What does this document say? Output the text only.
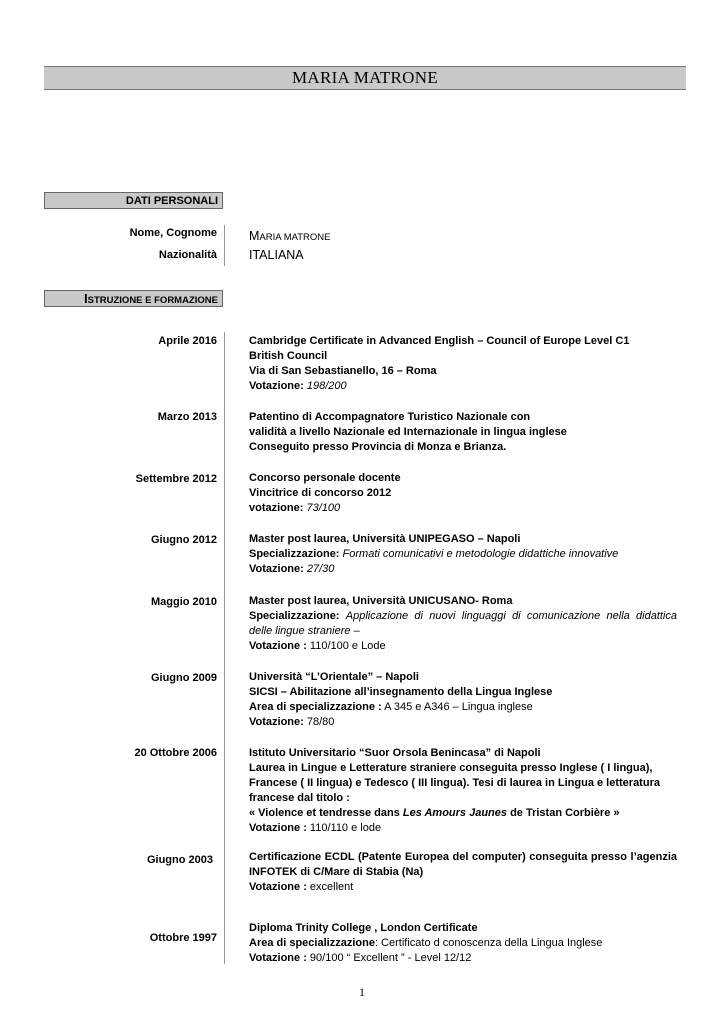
MARIA MATRONE
DATI PERSONALI
Nome, Cognome	MARIA MATRONE
Nazionalità	ITALIANA
ISTRUZIONE E FORMAZIONE
Aprile 2016	Cambridge Certificate in Advanced English – Council of Europe Level C1

British Council

Via di San Sebastianello, 16 – Roma

Votazione: 198/200

Marzo 2013	Patentino di Accompagnatore Turistico Nazionale con

validità a livello Nazionale ed Internazionale in lingua inglese

Conseguito presso Provincia di Monza e Brianza.

Settembre 2012	Concorso personale docente

Vincitrice di concorso 2012

votazione: 73/100

Giugno 2012	Master post laurea, Università UNIPEGASO – Napoli

Specializzazione: Formati comunicativi e metodologie didattiche innovative

Votazione: 27/30

Maggio 2010	Master post laurea, Università UNICUSANO- Roma

Specializzazione: Applicazione di nuovi linguaggi di comunicazione nella didattica delle lingue straniere –

Votazione : 110/100 e Lode

Giugno 2009	Università “L’Orientale” – Napoli

SICSI – Abilitazione all’insegnamento della Lingua Inglese

Area di specializzazione : A 345 e A346 – Lingua inglese

Votazione: 78/80

20 Ottobre 2006	Istituto Universitario “Suor Orsola Benincasa” di Napoli

Laurea in Lingue e Letterature straniere conseguita presso Inglese ( I lingua), Francese ( II lingua) e Tedesco ( III lingua). Tesi di laurea in Lingua e letteratura francese dal titolo :

« Violence et tendresse dans Les Amours Jaunes de Tristan Corbière »

Votazione : 110/110 e lode

Giugno 2003	Certificazione ECDL (Patente Europea del computer) conseguita presso l’agenzia INFOTEK di C/Mare di Stabia (Na)

Votazione : excellent

Ottobre 1997

Diploma Trinity College , London Certificate

Area di specializzazione: Certificato d conoscenza della Lingua Inglese

Votazione : 90/100 “ Excellent ” - Level 12/12

1
